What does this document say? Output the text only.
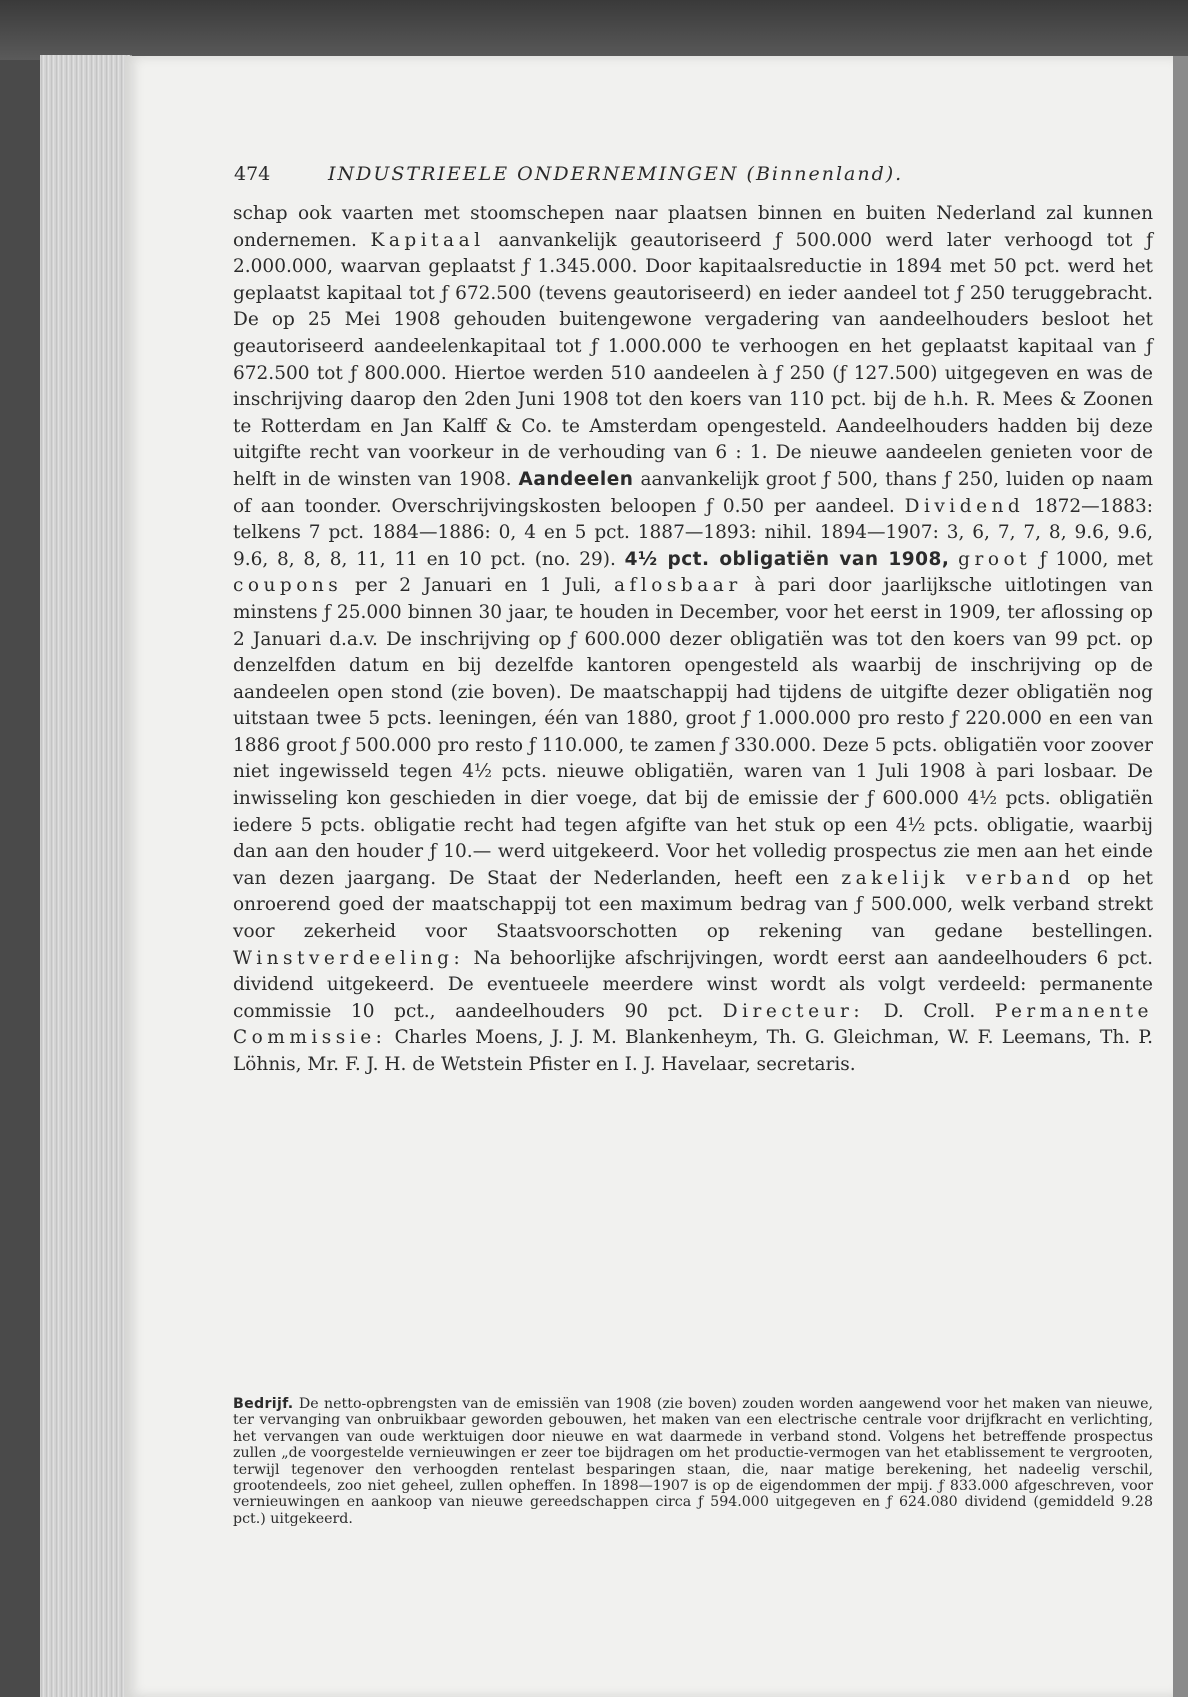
474	INDUSTRIEELE ONDERNEMINGEN (Binnenland).

schap ook vaarten met stoomschepen naar plaatsen binnen en buiten Nederland zal kunnen ondernemen. Kapitaal aanvankelijk geautoriseerd ƒ 500.000 werd later verhoogd tot ƒ 2.000.000, waarvan geplaatst ƒ 1.345.000. Door kapitaalsreductie in 1894 met 50 pct. werd het geplaatst kapitaal tot ƒ 672.500 (tevens geautoriseerd) en ieder aandeel tot ƒ 250 teruggebracht. De op 25 Mei 1908 gehouden buitengewone vergadering van aandeelhouders besloot het geautoriseerd aandeelenkapitaal tot ƒ 1.000.000 te verhoogen en het geplaatst kapitaal van ƒ 672.500 tot ƒ 800.000. Hiertoe werden 510 aandeelen à ƒ 250 (ƒ 127.500) uitgegeven en was de inschrijving daarop den 2den Juni 1908 tot den koers van 110 pct. bij de h.h. R. Mees & Zoonen te Rotterdam en Jan Kalff & Co. te Amsterdam opengesteld. Aandeelhouders hadden bij deze uitgifte recht van voorkeur in de verhouding van 6 : 1. De nieuwe aandeelen genieten voor de helft in de winsten van 1908. Aandeelen aanvankelijk groot ƒ 500, thans ƒ 250, luiden op naam of aan toonder. Overschrijvingskosten beloopen ƒ 0.50 per aandeel. Dividend 1872—1883: telkens 7 pct. 1884—1886: 0, 4 en 5 pct. 1887—1893: nihil. 1894—1907: 3, 6, 7, 7, 8, 9.6, 9.6, 9.6, 8, 8, 8, 11, 11 en 10 pct. (no. 29). 4½ pct. obligatiën van 1908, groot ƒ 1000, met coupons per 2 Januari en 1 Juli, aflosbaar à pari door jaarlijksche uitlotingen van minstens ƒ 25.000 binnen 30 jaar, te houden in December, voor het eerst in 1909, ter aflossing op 2 Januari d.a.v. De inschrijving op ƒ 600.000 dezer obligatiën was tot den koers van 99 pct. op denzelfden datum en bij dezelfde kantoren opengesteld als waarbij de inschrijving op de aandeelen open stond (zie boven). De maatschappij had tijdens de uitgifte dezer obligatiën nog uitstaan twee 5 pcts. leeningen, één van 1880, groot ƒ 1.000.000 pro resto ƒ 220.000 en een van 1886 groot ƒ 500.000 pro resto ƒ 110.000, te zamen ƒ 330.000. Deze 5 pcts. obligatiën voor zoover niet ingewisseld tegen 4½ pcts. nieuwe obligatiën, waren van 1 Juli 1908 à pari losbaar. De inwisseling kon geschieden in dier voege, dat bij de emissie der ƒ 600.000 4½ pcts. obligatiën iedere 5 pcts. obligatie recht had tegen afgifte van het stuk op een 4½ pcts. obligatie, waarbij dan aan den houder ƒ 10.— werd uitgekeerd. Voor het volledig prospectus zie men aan het einde van dezen jaargang. De Staat der Nederlanden, heeft een zakelijk verband op het onroerend goed der maatschappij tot een maximum bedrag van ƒ 500.000, welk verband strekt voor zekerheid voor Staatsvoorschotten op rekening van gedane bestellingen. Winstverdeeling: Na behoorlijke afschrijvingen, wordt eerst aan aandeelhouders 6 pct. dividend uitgekeerd. De eventueele meerdere winst wordt als volgt verdeeld: permanente commissie 10 pct., aandeelhouders 90 pct. Directeur: D. Croll. Permanente Commissie: Charles Moens, J. J. M. Blankenheym, Th. G. Gleichman, W. F. Leemans, Th. P. Löhnis, Mr. F. J. H. de Wetstein Pfister en I. J. Havelaar, secretaris.

Bedrijf. De netto-opbrengsten van de emissiën van 1908 (zie boven) zouden worden aangewend voor het maken van nieuwe, ter vervanging van onbruikbaar geworden gebouwen, het maken van een electrische centrale voor drijfkracht en verlichting, het vervangen van oude werktuigen door nieuwe en wat daarmede in verband stond. Volgens het betreffende prospectus zullen „de voorgestelde vernieuwingen er zeer toe bijdragen om het productie-vermogen van het etablissement te vergrooten, terwijl tegenover den verhoogden rentelast besparingen staan, die, naar matige berekening, het nadeelig verschil, grootendeels, zoo niet geheel, zullen opheffen. In 1898—1907 is op de eigendommen der mpij. ƒ 833.000 afgeschreven, voor vernieuwingen en aankoop van nieuwe gereedschappen circa ƒ 594.000 uitgegeven en ƒ 624.080 dividend (gemiddeld 9.28 pct.) uitgekeerd.
